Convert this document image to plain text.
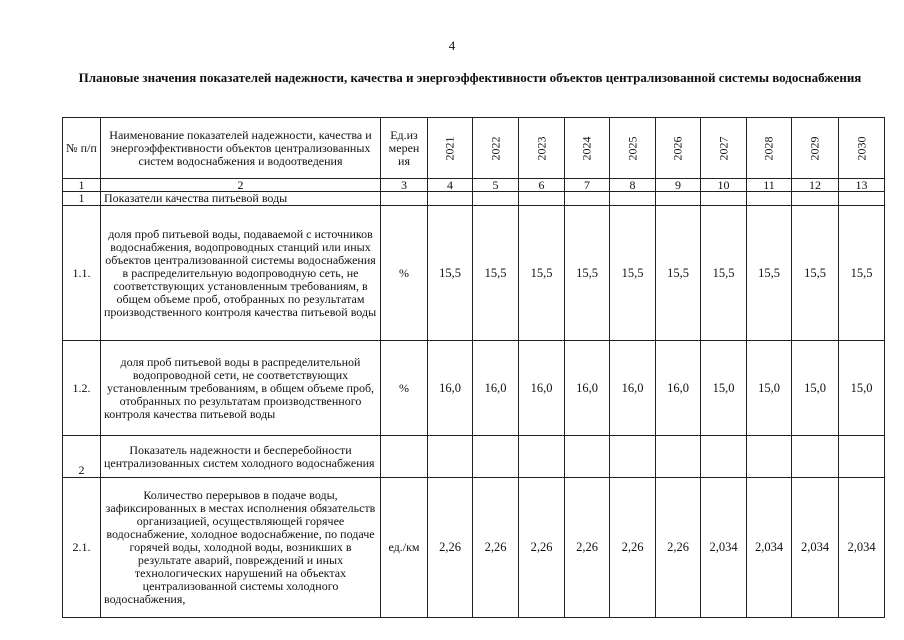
4
Плановые значения показателей надежности, качества и энергоэффективности объектов централизованной системы водоснабжения
№ п/п	Наименование показателей надежности, качества и энергоэффективности объектов централизованных систем водоснабжения и водоотведения	Ед.из мерен ия	2021	2022	2023	2024	2025	2026	2027	2028	2029	2030
1	2	3	4	5	6	7	8	9	10	11	12	13
1	Показатели качества питьевой воды											
1.1.	доля проб питьевой воды, подаваемой с источников водоснабжения, водопроводных станций или иных объектов централизованной системы водоснабжения в распределительную водопроводную сеть, не соответствующих установленным требованиям, в общем объеме проб, отобранных по результатам производственного контроля качества питьевой воды	%	15,5	15,5	15,5	15,5	15,5	15,5	15,5	15,5	15,5	15,5
1.2.	доля проб питьевой воды в распределительной водопроводной сети, не соответствующих установленным требованиям, в общем объеме проб, отобранных по результатам производственного контроля качества питьевой воды	%	16,0	16,0	16,0	16,0	16,0	16,0	15,0	15,0	15,0	15,0
2	Показатель надежности и бесперебойности централизованных систем холодного водоснабжения											
2.1.	Количество перерывов в подаче воды, зафиксированных в местах исполнения обязательств организацией, осуществляющей горячее водоснабжение, холодное водоснабжение, по подаче горячей воды, холодной воды, возникших в результате аварий, повреждений и иных технологических нарушений на объектах централизованной системы холодного водоснабжения,	ед./км	2,26	2,26	2,26	2,26	2,26	2,26	2,034	2,034	2,034	2,034
